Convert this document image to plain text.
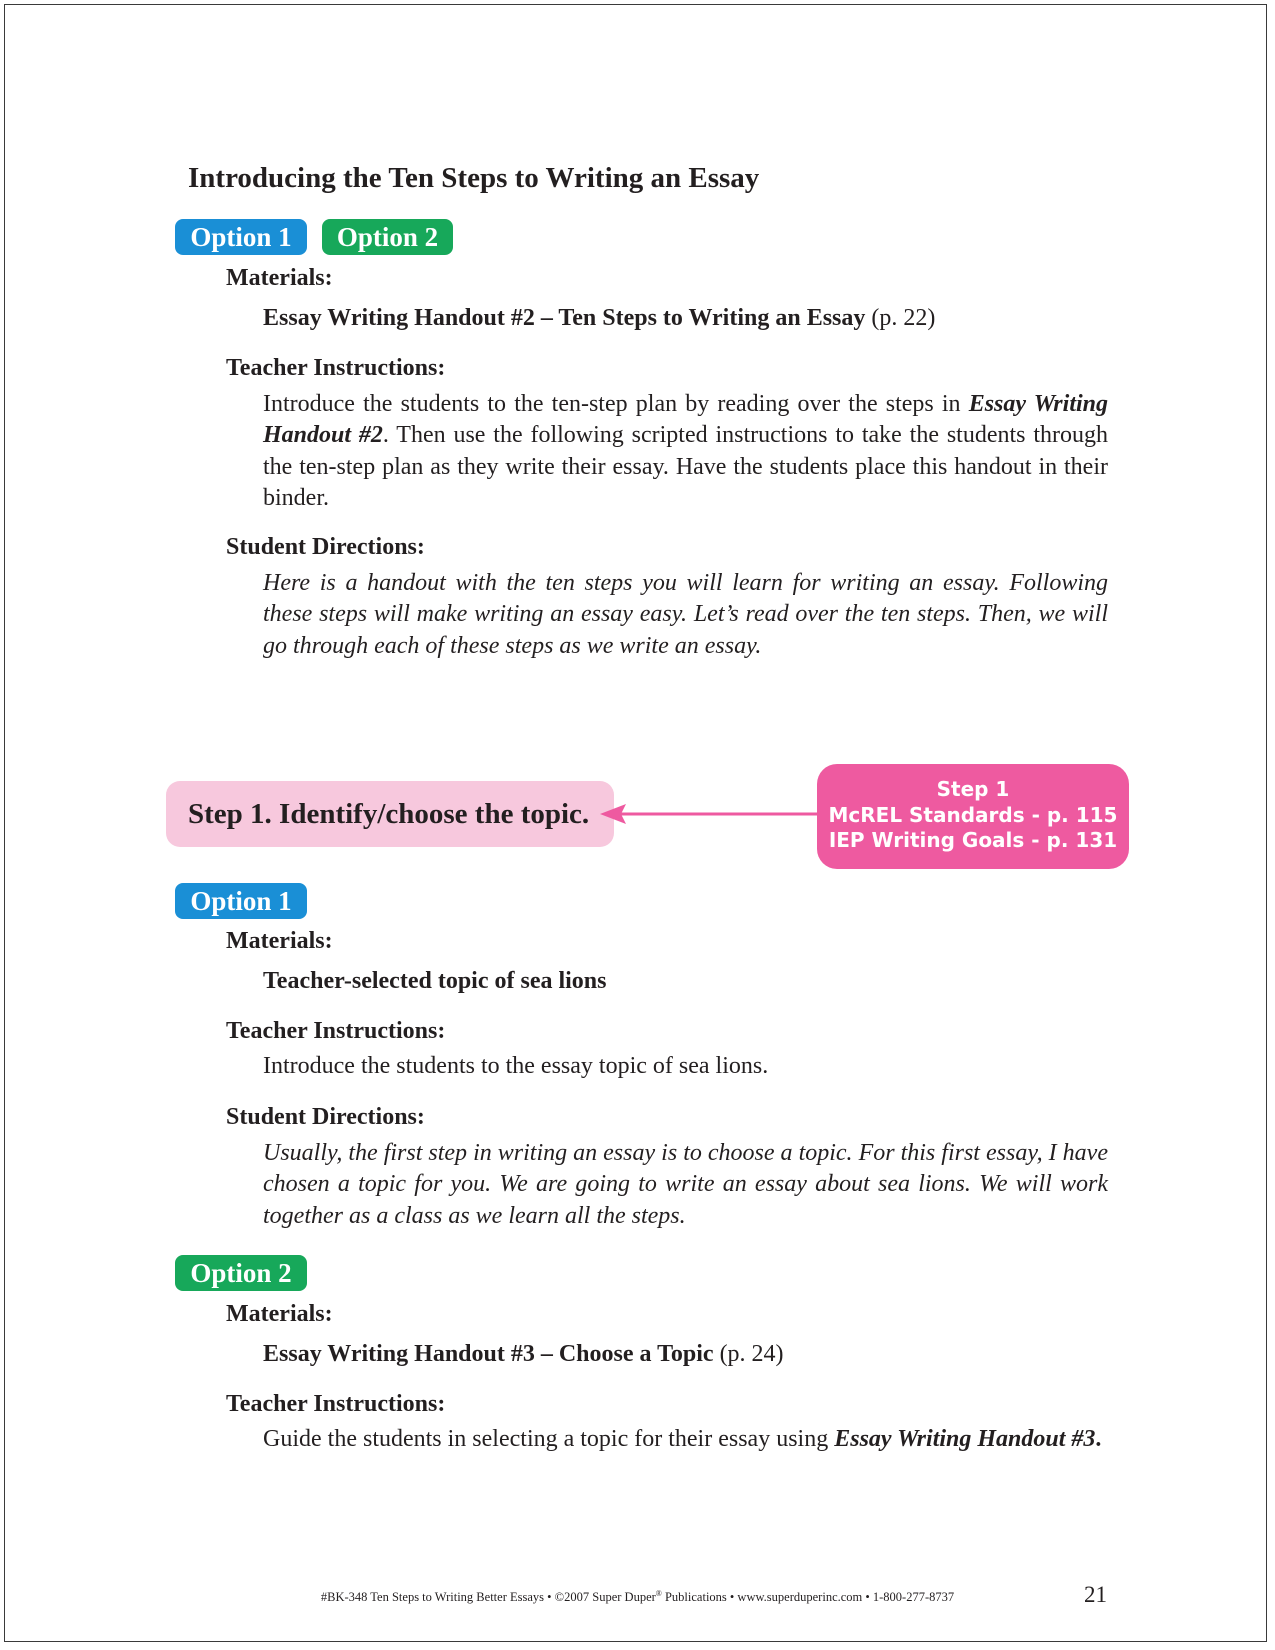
Introducing the Ten Steps to Writing an Essay
Option 1	Option 2
Materials:
Essay Writing Handout #2 – Ten Steps to Writing an Essay (p. 22)
Teacher Instructions:
Introduce the students to the ten-step plan by reading over the steps in Essay Writing Handout #2. Then use the following scripted instructions to take the students through the ten-step plan as they write their essay. Have the students place this handout in their binder.
Student Directions:
Here is a handout with the ten steps you will learn for writing an essay. Following these steps will make writing an essay easy. Let’s read over the ten steps. Then, we will go through each of these steps as we write an essay.
Step 1. Identify/choose the topic.
Step 1
McREL Standards - p. 115
IEP Writing Goals - p. 131
Option 1
Materials:
Teacher-selected topic of sea lions
Teacher Instructions:
Introduce the students to the essay topic of sea lions.
Student Directions:
Usually, the first step in writing an essay is to choose a topic. For this first essay, I have chosen a topic for you. We are going to write an essay about sea lions. We will work together as a class as we learn all the steps.
Option 2
Materials:
Essay Writing Handout #3 – Choose a Topic (p. 24)
Teacher Instructions:
Guide the students in selecting a topic for their essay using Essay Writing Handout #3.
#BK-348 Ten Steps to Writing Better Essays • ©2007 Super Duper® Publications • www.superduperinc.com • 1-800-277-8737	21
